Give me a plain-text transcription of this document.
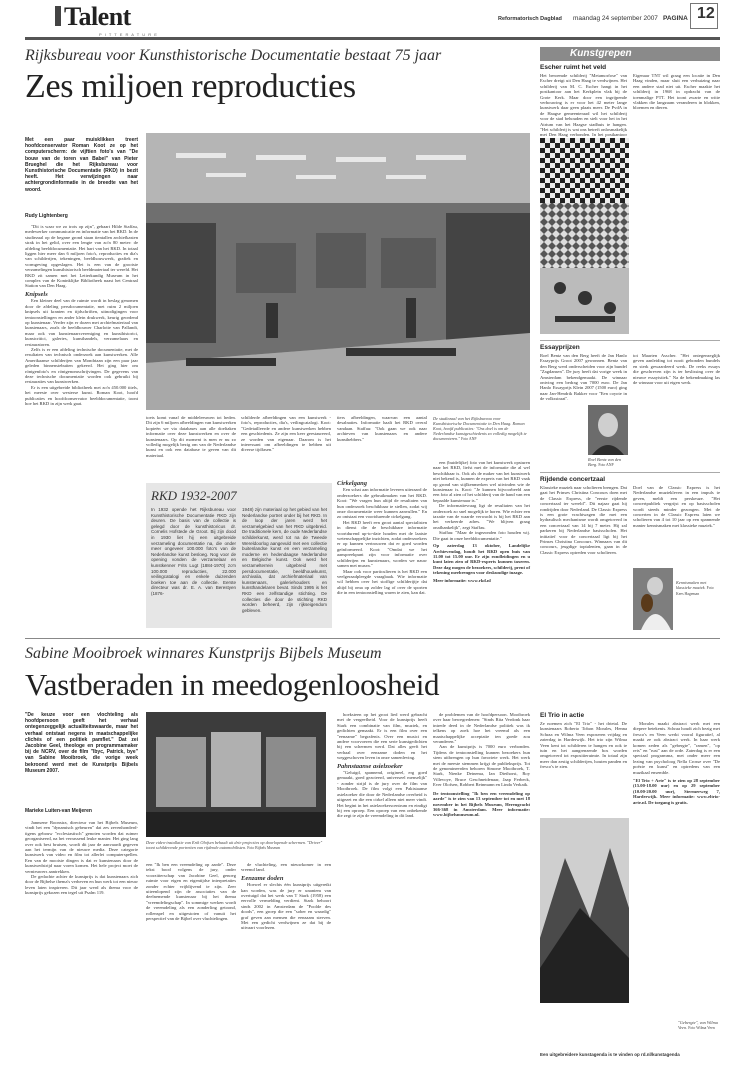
Talent
P I T T E R A T U R E
Reformatorisch Dagblad maandag 24 september 2007 PAGINA 12
Rijksbureau voor Kunsthistorische Documentatie bestaat 75 jaar
Zes miljoen reproducties
Met een paar muisklikken treert hoofdconservator Roman Koot ze op het computerscherm: de vijftien foto's van "De bouw van de toren van Babel" van Pieter Brueghel die het Rijksbureau voor Kunsthistorische Documentatie (RKD) in bezit heeft. Het verwijzingen naar achtergrondinformatie in de breedte van het woord.
Rudy Lightenberg

"Dit is waar we zo trots op zijn", gebaart Hilde Staffau, medewerker communicatie en informatie van het RKD. In de studiezaal op de begane grond staan tientallen archiefkasten strak in het gelid, over een lengte van zo'n 80 meter: de afdeling beelddocumentatie. Het hart van het RKD. In totaal liggen hier meer dan 6 miljoen foto's, reproducties en dia's van schilderijen, tekeningen, beeldhouwwerk, grafiek en vormgeving opgeslagen. Het is een van de grootste verzamelingen kunsthistorisch beeldmateriaal ter wereld. Het RKD zit samen met het Letterkundig Museum in het complex van de Koninklijke Bibliotheek naast het Centraal Station van Den Haag.

Knipsels

Een kleiner deel van de ruimte wordt in beslag genomen door de afdeling persdocumentatie, met ruim 2 miljoen knipsels uit kranten en tijdschriften, uitnodigingen voor tentoonstellingen en ander klein drukwerk, keurig geordend op kunstenaar. Verder zijn er dozen met archiefmateriaal van kunstenaars, zoals de beeldhouwer Charlotte van Pallandt, maar ook van kunstenaarsvereniging en kunsthistorici, kunstcritici, galeries, kunsthandels, verzamelaars en restauratoren.

Zelfs is er een afdeling technische documentatie, met de resultaten van technisch onderzoek aan kunstwerken. Alle Amerikaanse schilderijen van Mondriaan zijn een paar jaar geleden binnenstebuiten gekeerd. Het ging hier om röntgenfoto's en röntgenomschrijvingen. De gegevens van deze technische documentatie worden ook gebruikt bij restauraties van kunstwerken.

Er is een uitgebreide bibliotheek met zo'n 450.000 titels, het meeste over westerse kunst. Roman Koot, hoofd publicaties en hoofdconservator beelddocumentatie, toont hoe het RKD in zijn werk gaat.

toets komt vanaf de middeleeuwen tot heden. Dit zijn 6 miljoen afbeeldingen van kunstwerken kopieën we via databases aan alle doeltaken informatie over deze kunstwerken en over de kunstenaars. Op dit moment is men er nu zo volledig mogelijk bezig om van de Nederlandse kunst en ook een database te geven van dit materiaal.
schilderde afbeeldingen van een kunstwerk - foto's, reproducties, dia's, veilingcatalogi. Koot: "Gedetailleerde en andere kunstwerken hebben een geschiedenis. Ze zijn een keer geestaureerd, ze worden van eigenaar. Daarom is het interessant om afbeeldingen te hebben uit diverse tijdfasen."
tiers afbeeldingen, waarvan een aantal desalnaties. Informatie haalt het RKD overal vandaan. Staffau: "Ook gaan we ook naar archieven van kunstenaars en andere kunsthebbers."
RKD 1932-2007
In 1932 opende het Rijksbureau voor Kunsthistorische Documentatie RKD zijn deuren. De basis van de collectie is gelegd door de kunsthistoricus dr. Cornelis Hofstede de Groot. Bij zijn dood in 1930 liet hij een uitgebreide verzameling documentatie na, die onder meer ongeveer 100.000 foto's van de Nederlandse kunst besloeg. Nog voor de opening vonden de verzamelaar en kunstkenner Frits Lugt (1884-1970) zo'n 100.000 reproducties, 22.000 veilingcatalogi en enkele duizenden boeken toe aan de collectie. Eerste directeur was dr. E. A. van Berestyen (1876-
1948) zijn materiaal op het gebied van het Nederlandse portret onder bij het RKD. In de loop der jaren werd het verzamelgebied van het RKD uitgebreid. De traditionele kern, de oude Nederlandse schilderkunst, werd tot na de Tweede Wereldoorlog aangevuld met een collectie buitenlandse kunst en een verzameling moderne en hedendaagse Nederlandse en Belgische kunst. Ook werd het verzamelterrein uitgebreid met persdocumentatie, beeldhouwkunst, archivalia, dat archiefmateriaal van kunstenaars, galeriehouders en kunsthandelaren bevat. Sinds 1995 is het RKD een zelfstandige stichting. De collecties die door de stichting RKD worden beheerd, zijn rijkseigendom gebleven.
Cirkelgang

Een schat aan informatie leveren uiteraard de onderzoekers die gebruikmaken van het RKD. Koot: "We vragen hun altijd de resultaten van hun onderzoek beschikbaar te stellen, zodat wij onze documentatie weer kunnen aanvullen." En zo ontstaat een voortdurende cirkelgang.

Het RKD heeft een groot aantal specialisten in dienst die de beschikbare informatie voortdurend up-to-date houden met de laatste wetenschappelijke inzichten, zodat onderzoekers er op kunnen vertrouwen dat er goed worden geïnformeerd. Koot: "Omdat we het aanspreekpunt zijn voor informatie over schilderijen en kunstenaars, worden we nauw samen met musea."

Maar ook voor particulieren is het RKD een veelgeraadpleegde vraagbaak. Wie informatie wil hebben over het stoffige schilderijtje dat altijd bij oma op zolder lag of over de sporten die in een tentoonstelling waren te zien, kan dat.

De studiezaal van het Rijksbureau voor Kunsthistorische Documentatie in Den Haag. Roman Koot, hoofd publicaties: "Ons doel is om de Nederlandse kunstgeschiedenis zo volledig mogelijk te documenteren." Foto ANP

een (buidelijke) foto van het kunstwerk opsturen naar het RKD, liefst met de informatie die al wel beschikbaar is. Ook als de maker van het kunstwerk niet bekend is, kunnen de experts van het RKD vaak op grond van stijlkenmerken wel uitvinden wie de kunstenaar is. Koot: "Je kunnen bijvoorbeeld aan een foto al zien of het schilderij van de hand van een bepaalde kunstenaar is."

De informatievraag ligt de resultaten van het onderzoek zo snel mogelijk te horen. Wie echter een taxatie van de waarde verwacht is bij het RKD aan het verkeerde adres. "We blijven graag onafhankelijk", zegt Staffau.

Staffau: "Maar de ingezonden foto houden wij. Die gaat in onze beelddocumentatie."

Op zaterdag 13 oktober, Landelijke Archievendag, houdt het RKD open huis van 11.00 tot 15.00 uur. Er zijn rondleidingen en u kunt laten zien of RKD-experts kunnen taxeren. Deze dag mogen de bezoekers, schilderij, prent of tekening meebrengen voor deskundige inzage.

Meer informatie: www.rkd.nl

Kunstgrepen
Escher ruimt het veld
Het beroemde schilderij "Metamorfose" van Escher dreigt uit Den Haag te verdwijnen. Het schilderij van M. C. Escher hangt in het postkantoor aan het Kerkplein vlak bij de Grote Kerk. Maar door een ingrijpende verbouwing is er voor het 42 meter lange kunstwerk daar geen plaats meer. De PvdA in de Haagse gemeenteraad wil het schilderij voor de stad behouden en stelt voor het in het Atrium van het Haagse stadhuis te hangen. "Het schilderij is wat ons betreft onlosmakelijk met Den Haag verbonden. In het postkantoor
Eigenaar TNT wil graag een locatie in Den Haag vinden, maar sluit een verhuizing naar een andere stad niet uit. Escher maakte het schilderij in 1968 in opdracht van de toenmalige PTT. Het toont zwarte en witte vlakken die langzaam veranderen in blokken, bloemen en dieren.
Essayprijzen
Roel Bentz van den Berg heeft de Jan Hanlo Essayprijs Groot 2007 gewonnen. Bentz van den Berg werd onderscheiden voor zijn bundel "Zagdansen". De jury heeft dat vorige week in Amsterdam bekendgemaakt. De winnaar ontving een bedrag van 7000 euro. De Jan Hanlo Essayprijs Klein 2007 (1500 euro) ging naar Jan-Hendrik Bakker voor "Een coyote in de volksstraat".
Roel Bentz van den Berg. Foto ANP
tot Maarten Asscher. "Het ontegenzeglijk geven aanleiding tot nooit gebonden bundels en sterk gewaardeerd werk. De reeks essays die geschreven zijn is ter beslissing over de nieuwe essayistiek." Na de bekendmaking las de winnaar voor uit eigen werk.
Rijdende concertzaal
Klassieke muziek naar scholieren brengen. Dat gaat het Prinses Christina Concours doen met de Classic Express, de "eerste rijdende concertzaal ter wereld". Dit najaar gaat hij rondrijden door Nederland. De Classic Express is een grote vrachtwagen die met een hydraulisch mechanisme wordt omgetoverd in een concertzaal van 14 bij 7 meter. Hij zal parkeren bij Nederlandse basisscholen. Het initiatief voor de concertzaal ligt bij het Prinses Christina Concours. Winnaars van dit concours, jeugdige toptalenten, gaan in de Classic Express optreden voor scholieren.
Doel van de Classic Express is het Nederlandse muziekleven in een impuls te geven, meldt een perskeuze. "Het concertpubliek vergrijst en op basisscholen wordt steeds minder gezongen. Met de concerten in de Classic Express laten we scholieren van 4 tot 10 jaar op een spannende manier kennismaken met klassieke muziek."
Kennismaken met klassieke muziek. Foto Kees Hageman
Sabine Mooibroek winnares Kunstprijs Bijbels Museum
Vastberaden in meedogenloosheid
"De keuze voor een vlochteling als hoofdpersoon geeft het verhaal ontegenzeggelijk actualiteitswaarde, maar het verhaal ontstaat negens in maatschappelijke clichés of een politiek pamflet." Dat zei Jacobine Geel, theologe en programmamaker bij de NCRV, over de film "Ibyc, Patrick, bye" van Sabine Mooibroek, die vorige week bekroond werd met de Kunstprijs Bijbels Museum 2007.
Marieke Luiten-van Meijeren

Jannsene Boonstra, directeur van het Bijbels Museum, vindt het een "dynamisch gebeuren" dat zes zevenhonderd-tigens gebouw "ecclesiastisch" genoten worden dat ruimer georganiseerd, na het verrassend leuke manier. Het ging lang over ook best bruisen, wordt dit jaar de aanvaardt gegeven aan het termijn van de nieuwe media. Deze categorie kunstwerk van video en film tot allerlei computerspellen. Een van de mooiste dingen is dat er kunstenaars door de kunstwedstrijd naar voren komen. Het hele project moet de vernieuwers aantrekken.

De gedachte achter de kunstprijs is dat kunstenaars zich door de Bijbelse thema's verheven en hun werk tot een nieuw leven laten inspireren. Dit jaar werd als thema voor de kunstprijs gekozen een tegel uit Psalm 119.

Deze video-installatie van Erik Olofsen behaalt uit drie projecties op doorlopende schermen. "Driver" toont schilderende portretten van rijdende automobilisten. Foto Bijbels Museum
een "Ik ben een vreemdeling op aarde". Deze tekst bood volgens de jury, onder voorzitterschap van Jacobine Geel, genoeg ruimte voor eigen en eigentijdse interpretaties zonder echter vrijblijvend te zijn. Zeer uiteenlopend zijn de associaties van de deelnemende kunstenaar bij het thema "vreemdelingschap". In sommige werken wordt de vreemdeling als een zonderling getoond, rollenspel en uitgestoten of vanuit het perspectief van de Bijbel over vluchtelingen.

de vluchteling, een nieuwkomer in een vreemd land.

Eenzame doden

Hoewel er slechts één kunstprijs uitgereikt kan worden, was de jury er unaniem van overtuigd dat het werk van T Stark (1958) een eervolle vermelding verdient. Stark behoort sinds 2002 in Amsterdam de "Poolde des doods", een groep die een "sober en waardig" graf geven aan mensen die eenzaam sterven. Met een gedicht verdwijnen ze dat bij de uitvaart voorlezen.

hoeksteen op het groot lied werd gebracht met de vergeefheid. Voor de kunstprijs heeft Stark een combinatie van film, muziek, en gedichten gemaakt. Er is een film over een "eenzame" begrafenis. Over een musici en andere voorvoeren die een serie kunstgedichten bij een schermen werd. Dat alles geeft het verhaal over eenzame doden en het weggeschoven leven in onze samenleving.

Pahnstaanse asielzoeker

"Geluigd, spannend, origineel, erg goed gemaakt, goed geacteerd, universeel menselijk" - zonder strijd is de jury over de film van Mooibroek. De film volgt een Pakistaanse asielzoeker die door de Nederlandse overheid is uitgezet en die een cirkel alleen niet meer vindt. Het begint in het asielzoekerscentrum en eindigt bij een oproep. Een oproep van een onbekende die zegt te zijn de vreemdeling in dit land.

de problemen van de hoofdpersoon. Mooibroek over haar bewegredenen: "Sinds Rita Verdonk haar intrede deed in de Nederlandse politiek was ik telkens op zoek hoe het vreemd als een maatschappelijke acceptatie ten goede zou veranderen."

Aan de kunstprijs is 7000 euro verbonden. Tijdens de tentoonstelling kunnen bezoekers hun stem uitbrengen op hun favoriete werk. Het werk met de meeste stemmen krijgt de publieksprijs. Tot de genomineerden behoren Simone Mooibroek, T. Stark, Nienke Deinema, Ian Diethorst, Roy Villevoye, Bruce Geschneidenaar, Jaap Ferbeck, Ever Olofsen, Robbert Reinmann en Linda Verkaik.

De tentoonstelling "Ik ben een vreemdeling op aarde" is te zien van 13 september tot en met 18 november in het Bijbels Museum, Herengracht 366-368 in Amsterdam. Meer informatie: www.bijbelsmuseum.nl.

El Trio in actie
Ze noemen zich "El Trio" - het drietal. De kunstenaars Roberto Tobon Morales, Henna Schraa en Wilma Veen exposeren vrijdag en zaterdag in Harderwijk. Het trio zijn Wilma Veen kent tot schilderen te hangen en ook te tuin en het aangrenzende bos worden omgetoverd tot expositieruimte. In totaal zijn meer dan zestig schilderijen, houten panden en fresco's te zien.

Morales maakt abstract werk met een diepere betekenis. Schraa houdt zich bezig met fresco's en Veen werkt vooral figuratief, al maakt ze ook abstract werk. In haar werk komen zeden als "gebergte", "ramen", "op reis" en "rust" aan de orde. Zaterdag is er een speciaal programma, met onder meer een lezing van psycholoog Nella Crosse over "De poëzie en kunst" en optredens van een muzikaal ensemble.

"El Trio + Arte" is te zien op 28 september (15.00-18.00 uur) en op 29 september (10.00-20.00 uur), Stermerweg 7, Harderwijk. Meer informatie: www.eltrio-arte.nl. De toegang is gratis.

"Gebergte", van Wilma Veen. Foto Wilma Veen
Een uitgebreidere kunstagenda is te vinden op rd.nl/kunstagenda
